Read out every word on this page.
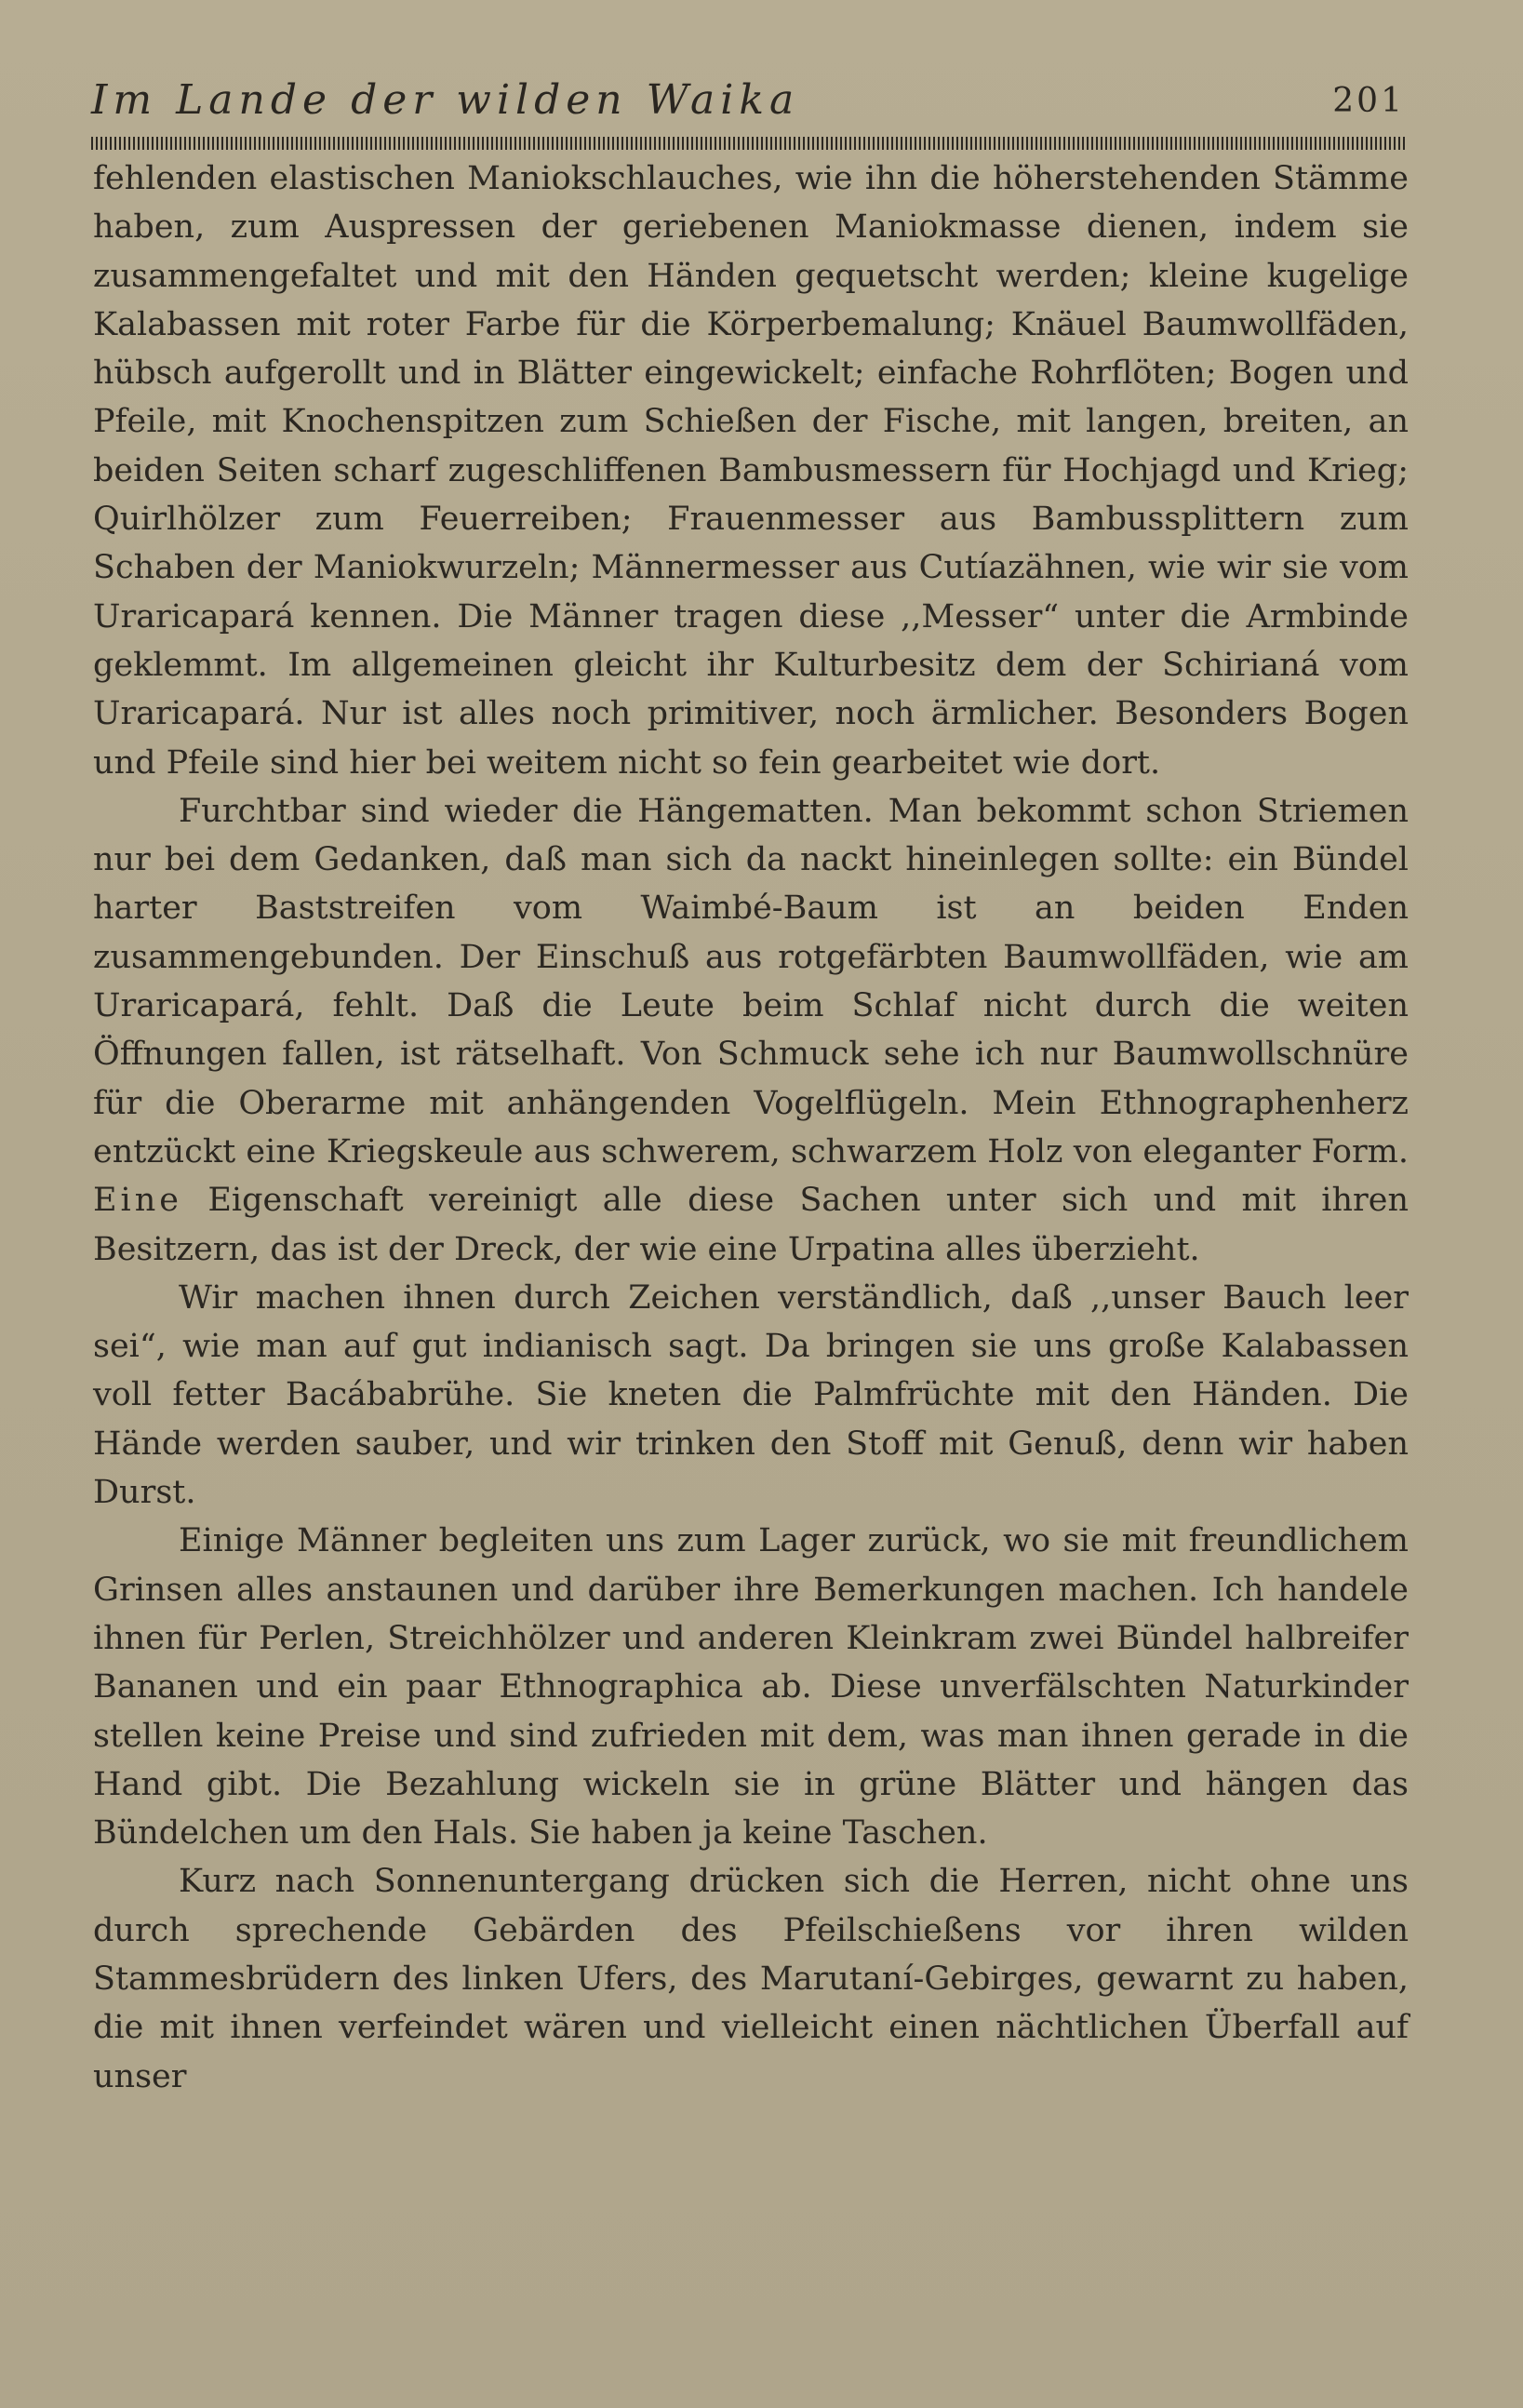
Im Lande der wilden Waika	201

fehlenden elastischen Maniokschlauches, wie ihn die höherstehenden Stämme haben, zum Auspressen der geriebenen Maniokmasse dienen, indem sie zusammengefaltet und mit den Händen gequetscht werden; kleine kugelige Kalabassen mit roter Farbe für die Körperbemalung; Knäuel Baumwollfäden, hübsch aufgerollt und in Blätter eingewickelt; einfache Rohrflöten; Bogen und Pfeile, mit Knochenspitzen zum Schießen der Fische, mit langen, breiten, an beiden Seiten scharf zugeschliffenen Bambusmessern für Hochjagd und Krieg; Quirlhölzer zum Feuerreiben; Frauenmesser aus Bambussplittern zum Schaben der Maniokwurzeln; Männermesser aus Cutíazähnen, wie wir sie vom Uraricapará kennen. Die Männer tragen diese ,,Messer“ unter die Armbinde geklemmt. Im allgemeinen gleicht ihr Kulturbesitz dem der Schirianá vom Uraricapará. Nur ist alles noch primitiver, noch ärmlicher. Besonders Bogen und Pfeile sind hier bei weitem nicht so fein gearbeitet wie dort.

Furchtbar sind wieder die Hängematten. Man bekommt schon Striemen nur bei dem Gedanken, daß man sich da nackt hineinlegen sollte: ein Bündel harter Baststreifen vom Waimbé-Baum ist an beiden Enden zusammengebunden. Der Einschuß aus rotgefärbten Baumwollfäden, wie am Uraricapará, fehlt. Daß die Leute beim Schlaf nicht durch die weiten Öffnungen fallen, ist rätselhaft. Von Schmuck sehe ich nur Baumwollschnüre für die Oberarme mit anhängenden Vogelflügeln. Mein Ethnographenherz entzückt eine Kriegskeule aus schwerem, schwarzem Holz von eleganter Form. Eine Eigenschaft vereinigt alle diese Sachen unter sich und mit ihren Besitzern, das ist der Dreck, der wie eine Urpatina alles überzieht.

Wir machen ihnen durch Zeichen verständlich, daß ,,unser Bauch leer sei“, wie man auf gut indianisch sagt. Da bringen sie uns große Kalabassen voll fetter Bacábabrühe. Sie kneten die Palmfrüchte mit den Händen. Die Hände werden sauber, und wir trinken den Stoff mit Genuß, denn wir haben Durst.

Einige Männer begleiten uns zum Lager zurück, wo sie mit freundlichem Grinsen alles anstaunen und darüber ihre Bemerkungen machen. Ich handele ihnen für Perlen, Streichhölzer und anderen Kleinkram zwei Bündel halbreifer Bananen und ein paar Ethnographica ab. Diese unverfälschten Naturkinder stellen keine Preise und sind zufrieden mit dem, was man ihnen gerade in die Hand gibt. Die Bezahlung wickeln sie in grüne Blätter und hängen das Bündelchen um den Hals. Sie haben ja keine Taschen.

Kurz nach Sonnenuntergang drücken sich die Herren, nicht ohne uns durch sprechende Gebärden des Pfeilschießens vor ihren wilden Stammesbrüdern des linken Ufers, des Marutaní-Gebirges, gewarnt zu haben, die mit ihnen verfeindet wären und vielleicht einen nächtlichen Überfall auf unser
